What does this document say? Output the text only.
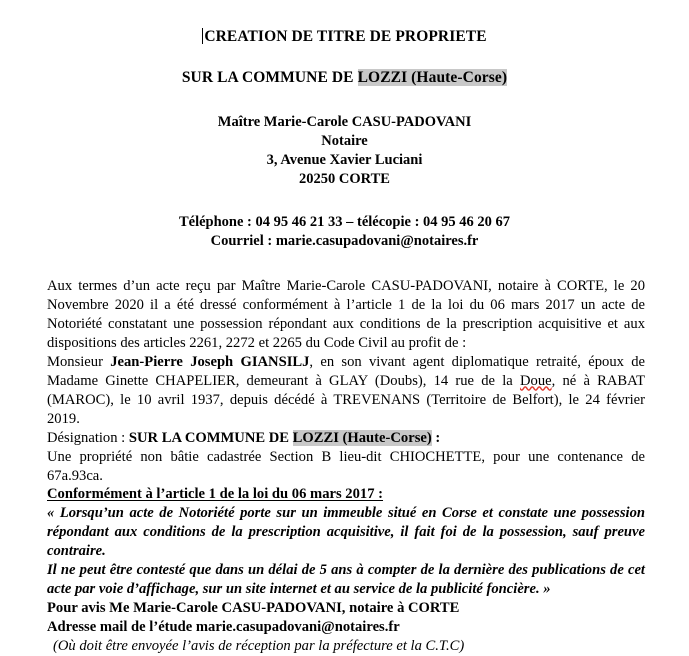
CREATION DE TITRE DE PROPRIETE
SUR LA COMMUNE DE LOZZI (Haute-Corse)
Maître Marie-Carole CASU-PADOVANI
Notaire
3, Avenue Xavier Luciani
20250 CORTE
Téléphone : 04 95 46 21 33 – télécopie : 04 95 46 20 67
Courriel : marie.casupadovani@notaires.fr

Aux termes d’un acte reçu par Maître Marie-Carole CASU-PADOVANI, notaire à CORTE, le 20 Novembre 2020 il a été dressé conformément à l’article 1 de la loi du 06 mars 2017 un acte de Notoriété constatant une possession répondant aux conditions de la prescription acquisitive et aux dispositions des articles 2261, 2272 et 2265 du Code Civil au profit de :

Monsieur Jean-Pierre Joseph GIANSILJ, en son vivant agent diplomatique retraité, époux de Madame Ginette CHAPELIER, demeurant à GLAY (Doubs), 14 rue de la Doue, né à RABAT (MAROC), le 10 avril 1937, depuis décédé à TREVENANS (Territoire de Belfort), le 24 février 2019.

Désignation : SUR LA COMMUNE DE LOZZI (Haute-Corse) :

Une propriété non bâtie cadastrée Section B lieu-dit CHIOCHETTE, pour une contenance de 67a.93ca.

Conformément à l’article 1 de la loi du 06 mars 2017 :

« Lorsqu’un acte de Notoriété porte sur un immeuble situé en Corse et constate une possession répondant aux conditions de la prescription acquisitive, il fait foi de la possession, sauf preuve contraire.

Il ne peut être contesté que dans un délai de 5 ans à compter de la dernière des publications de cet acte par voie d’affichage, sur un site internet et au service de la publicité foncière. »

Pour avis Me Marie-Carole CASU-PADOVANI, notaire à CORTE

Adresse mail de l’étude marie.casupadovani@notaires.fr

(Où doit être envoyée l’avis de réception par la préfecture et la C.T.C)
